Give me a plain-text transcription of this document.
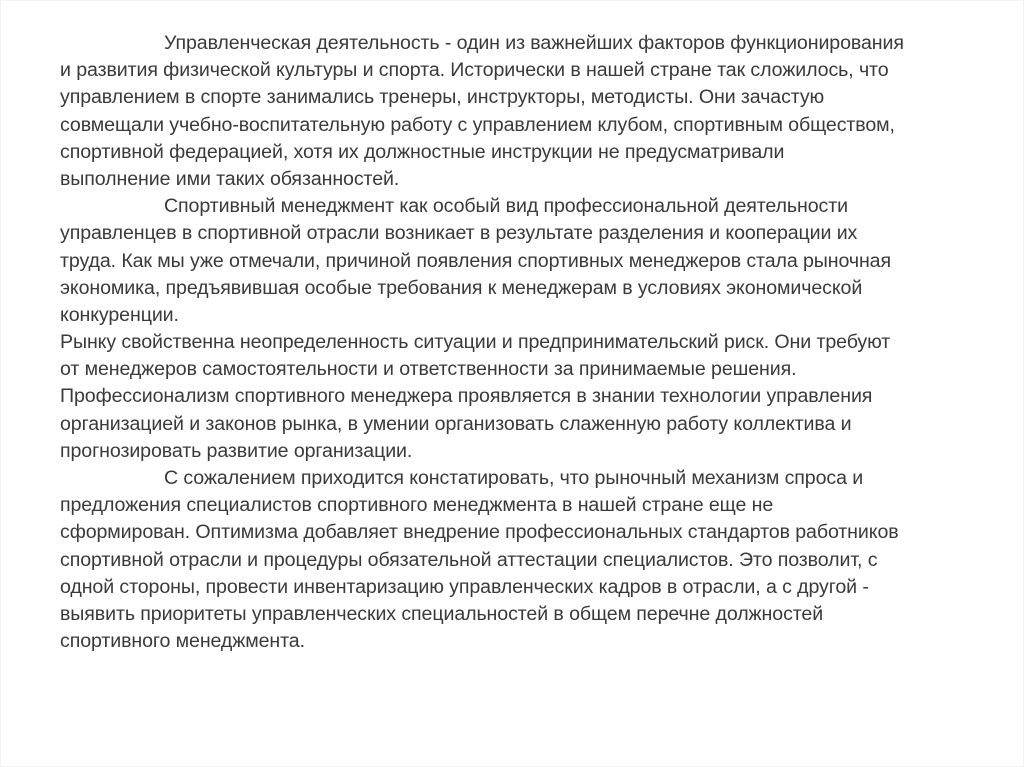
Управленческая деятельность - один из важнейших факторов функционирования
и развития физической культуры и спорта. Исторически в нашей стране так сложилось, что
управлением в спорте занимались тренеры, инструкторы, методисты. Они зачастую
совмещали учебно-воспитательную работу с управлением клубом, спортивным обществом,
спортивной федерацией, хотя их должностные инструкции не предусматривали
выполнение ими таких обязанностей.
Спортивный менеджмент как особый вид профессиональной деятельности
управленцев в спортивной отрасли возникает в результате разделения и кооперации их
труда. Как мы уже отмечали, причиной появления спортивных менеджеров стала рыночная
экономика, предъявившая особые требования к менеджерам в условиях экономической
конкуренции.
Рынку свойственна неопределенность ситуации и предпринимательский риск. Они требуют
от менеджеров самостоятельности и ответственности за принимаемые решения.
Профессионализм спортивного менеджера проявляется в знании технологии управления
организацией и законов рынка, в умении организовать слаженную работу коллектива и
прогнозировать развитие организации.
С сожалением приходится констатировать, что рыночный механизм спроса и
предложения специалистов спортивного менеджмента в нашей стране еще не
сформирован. Оптимизма добавляет внедрение профессиональных стандартов работников
спортивной отрасли и процедуры обязательной аттестации специалистов. Это позволит, с
одной стороны, провести инвентаризацию управленческих кадров в отрасли, а с другой -
выявить приоритеты управленческих специальностей в общем перечне должностей
спортивного менеджмента.
